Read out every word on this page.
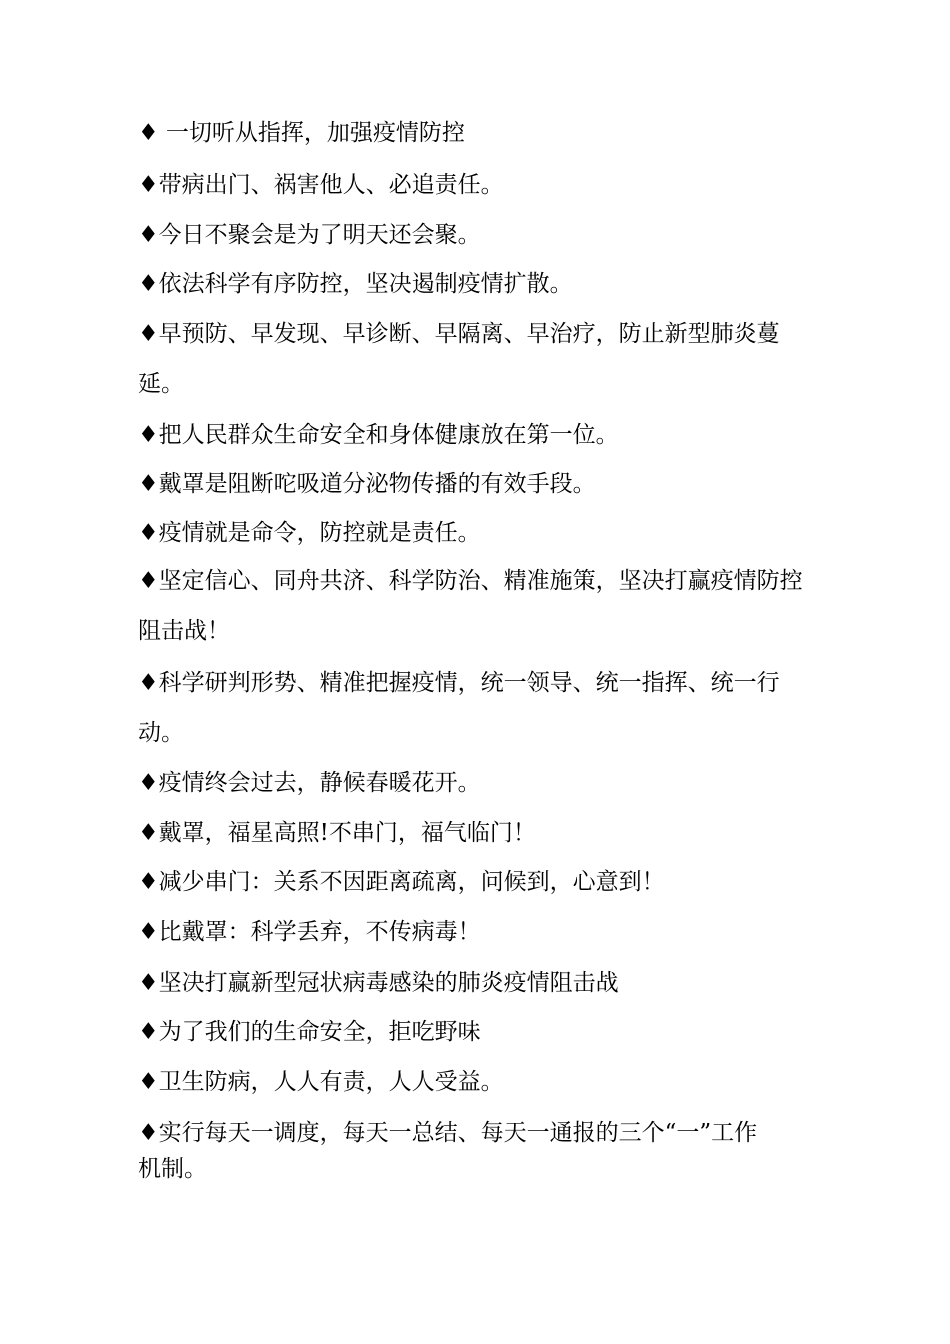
♦ 一切听从指挥，加强疫情防控
♦带病出门、祸害他人、必追责任。
♦今日不聚会是为了明天还会聚。
♦依法科学有序防控，坚决遏制疫情扩散。
♦早预防、早发现、早诊断、早隔离、早治疗，防止新型肺炎蔓延。
♦把人民群众生命安全和身体健康放在第一位。
♦戴罩是阻断咜吸道分泌物传播的有效手段。
♦疫情就是命令，防控就是责任。
♦坚定信心、同舟共济、科学防治、精准施策，坚决打赢疫情防控阻击战！
♦科学研判形势、精准把握疫情，统一领导、统一指挥、统一行动。
♦疫情终会过去，静候春暖花开。
♦戴罩，福星高照!不串门，福气临门！
♦减少串门：关系不因距离疏离，问候到，心意到！
♦比戴罩：科学丢弃，不传病毒！
♦坚决打赢新型冠状病毒感染的肺炎疫情阻击战
♦为了我们的生命安全，拒吃野味
♦卫生防病，人人有责，人人受益。
♦实行每天一调度，每天一总结、每天一通报的三个“一”工作机制。
